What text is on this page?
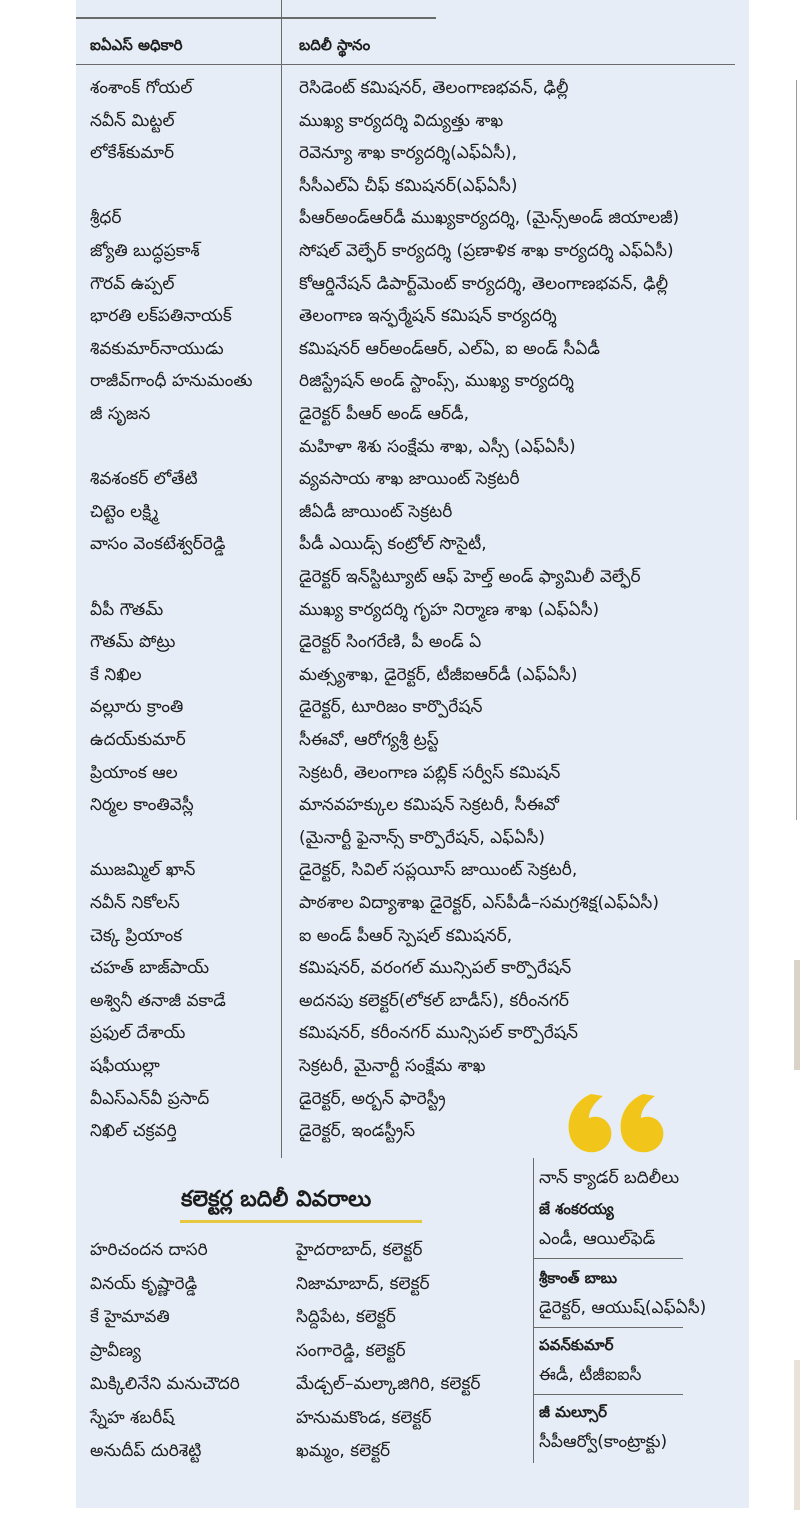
ఐఏఎస్‌ అధికారి	బదిలీ స్థానం
శంశాంక్‌ గోయల్‌	రెసిడెంట్‌ కమిషనర్‌, తెలంగాణభవన్‌, ఢిల్లీ
నవీన్‌ మిట్టల్‌	ముఖ్య కార్యదర్శి విద్యుత్తు శాఖ
లోకేశ్‌కుమార్‌	రెవెన్యూ శాఖ కార్యదర్శి(ఎఫ్‌ఏసీ),
సీసీఎల్‌ఏ చీఫ్‌ కమిషనర్‌(ఎఫ్‌ఏసీ)
శ్రీధర్‌	పీఆర్‌అండ్‌ఆర్‌డీ ముఖ్యకార్యదర్శి, (మైన్స్‌అండ్‌ జియాలజీ)
జ్యోతి బుద్ధప్రకాశ్‌	సోషల్‌ వెల్ఫేర్‌ కార్యదర్శి (ప్రణాళిక శాఖ కార్యదర్శి ఎఫ్‌ఏసీ)
గౌరవ్‌ ఉప్పల్‌	కోఆర్డినేషన్‌ డిపార్ట్‌మెంట్‌ కార్యదర్శి, తెలంగాణభవన్‌, ఢిల్లీ
భారతి లక్‌పతినాయక్‌	తెలంగాణ ఇన్ఫర్మేషన్‌ కమిషన్‌ కార్యదర్శి
శివకుమార్‌నాయుడు	కమిషనర్‌ ఆర్‌అండ్‌ఆర్‌, ఎల్‌ఏ, ఐ అండ్‌ సీఏడీ
రాజీవ్‌గాంధీ హనుమంతు	రిజిస్ట్రేషన్‌ అండ్‌ స్టాంప్స్‌, ముఖ్య కార్యదర్శి
జీ సృజన	డైరెక్టర్‌ పీఆర్‌ అండ్‌ ఆర్‌డీ,
మహిళా శిశు సంక్షేమ శాఖ, ఎస్సీ (ఎఫ్‌ఏసీ)
శివశంకర్‌ లోతేటి	వ్యవసాయ శాఖ జాయింట్‌ సెక్రటరీ
చిట్టెం లక్ష్మి	జీఏడీ జాయింట్‌ సెక్రటరీ
వాసం వెంకటేశ్వర్‌రెడ్డి	పీడీ ఎయిడ్స్‌ కంట్రోల్‌ సొసైటీ,
డైరెక్టర్‌ ఇన్‌స్టిట్యూట్‌ ఆఫ్‌ హెల్త్‌ అండ్‌ ఫ్యామిలీ వెల్ఫేర్‌
వీపీ గౌతమ్‌	ముఖ్య కార్యదర్శి గృహ నిర్మాణ శాఖ (ఎఫ్‌ఏసీ)
గౌతమ్‌ పోట్రు	డైరెక్టర్‌ సింగరేణి, పీ అండ్‌ ఏ
కే నిఖిల	మత్స్యశాఖ, డైరెక్టర్‌, టీజీఐఆర్‌డీ (ఎఫ్‌ఏసీ)
వల్లూరు క్రాంతి	డైరెక్టర్‌, టూరిజం కార్పొరేషన్‌
ఉదయ్‌కుమార్‌	సీఈవో, ఆరోగ్యశ్రీ ట్రస్ట్‌
ప్రియాంక ఆల	సెక్రటరీ, తెలంగాణ పబ్లిక్‌ సర్వీస్‌ కమిషన్‌
నిర్మల కాంతివెస్లీ	మానవహక్కుల కమిషన్‌ సెక్రటరీ, సీఈవో
(మైనార్టీ ఫైనాన్స్‌ కార్పొరేషన్‌, ఎఫ్‌ఏసీ)
ముజమ్మిల్‌ ఖాన్‌	డైరెక్టర్‌, సివిల్‌ సప్లయీస్‌ జాయింట్‌ సెక్రటరీ,
నవీన్‌ నికోలస్‌	పాఠశాల విద్యాశాఖ డైరెక్టర్‌, ఎస్‌పీడీ–సమగ్రశిక్ష(ఎఫ్‌ఏసీ)
చెక్క ప్రియాంక	ఐ అండ్‌ పీఆర్‌ స్పెషల్‌ కమిషనర్‌,
చహత్‌ బాజ్‌పాయ్‌	కమిషనర్‌, వరంగల్‌ మున్సిపల్‌ కార్పొరేషన్‌
అశ్వినీ తనాజీ వకాడే	అదనపు కలెక్టర్‌(లోకల్‌ బాడీస్‌), కరీంనగర్‌
ప్రఫుల్‌ దేశాయ్‌	కమిషనర్‌, కరీంనగర్‌ మున్సిపల్‌ కార్పొరేషన్‌
షఫీయుల్లా	సెక్రటరీ, మైనార్టీ సంక్షేమ శాఖ
వీఎస్‌ఎన్‌వీ ప్రసాద్‌	డైరెక్టర్‌, అర్బన్‌ ఫారెస్ట్రీ
నిఖిల్‌ చక్రవర్తి	డైరెక్టర్‌, ఇండస్ట్రీస్‌
కలెక్టర్ల బదిలీ వివరాలు
హరిచందన దాసరి	హైదరాబాద్‌, కలెక్టర్‌
వినయ్‌ కృష్ణారెడ్డి	నిజామాబాద్‌, కలెక్టర్‌
కే హైమావతి	సిద్దిపేట, కలెక్టర్‌
ప్రావీణ్య	సంగారెడ్డి, కలెక్టర్‌
మిక్కిలినేని మనుచౌదరి	మేడ్చల్‌–మల్కాజిగిరి, కలెక్టర్‌
స్నేహ శబరీష్‌	హనుమకొండ, కలెక్టర్‌
అనుదీప్‌ దురిశెట్టి	ఖమ్మం, కలెక్టర్‌
నాన్‌ క్యాడర్‌ బదిలీలు
జే శంకరయ్య
ఎండీ, ఆయిల్‌ఫెడ్‌
శ్రీకాంత్‌ బాబు
డైరెక్టర్‌, ఆయుష్‌(ఎఫ్‌ఏసీ)
పవన్‌కుమార్‌
ఈడీ, టీజీఐఐసీ
జీ మల్సూర్‌
సీపీఆర్వో(కాంట్రాక్టు)
